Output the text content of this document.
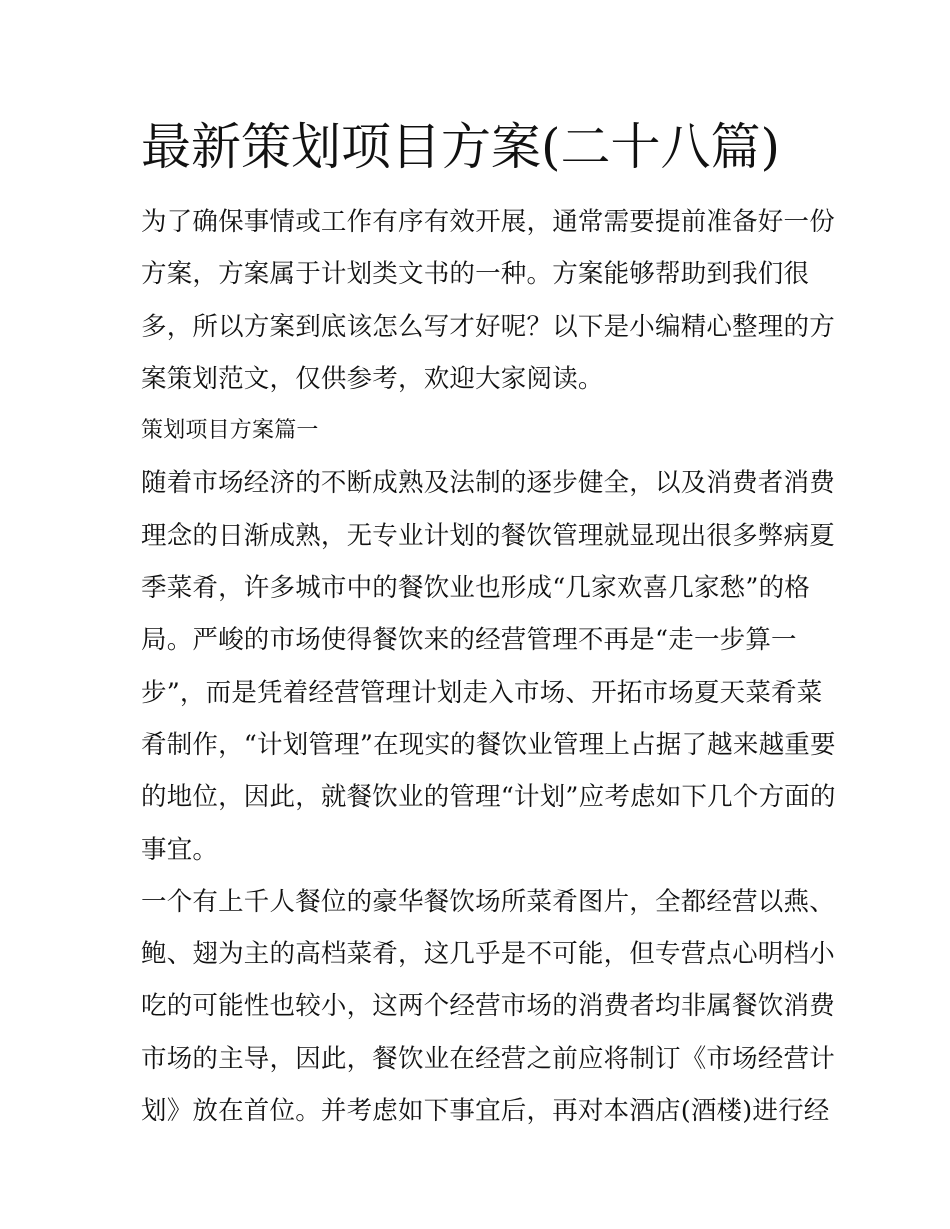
最新策划项目方案(二十八篇)
为了确保事情或工作有序有效开展，通常需要提前准备好一份
方案，方案属于计划类文书的一种。方案能够帮助到我们很
多，所以方案到底该怎么写才好呢？以下是小编精心整理的方
案策划范文，仅供参考，欢迎大家阅读。
策划项目方案篇一
随着市场经济的不断成熟及法制的逐步健全，以及消费者消费
理念的日渐成熟，无专业计划的餐饮管理就显现出很多弊病夏
季菜肴，许多城市中的餐饮业也形成“几家欢喜几家愁”的格
局。严峻的市场使得餐饮来的经营管理不再是“走一步算一
步”，而是凭着经营管理计划走入市场、开拓市场夏天菜肴菜
肴制作，“计划管理”在现实的餐饮业管理上占据了越来越重要
的地位，因此，就餐饮业的管理“计划”应考虑如下几个方面的
事宜。
一个有上千人餐位的豪华餐饮场所菜肴图片，全都经营以燕、
鲍、翅为主的高档菜肴，这几乎是不可能，但专营点心明档小
吃的可能性也较小，这两个经营市场的消费者均非属餐饮消费
市场的主导，因此，餐饮业在经营之前应将制订《市场经营计
划》放在首位。并考虑如下事宜后，再对本酒店(酒楼)进行经
